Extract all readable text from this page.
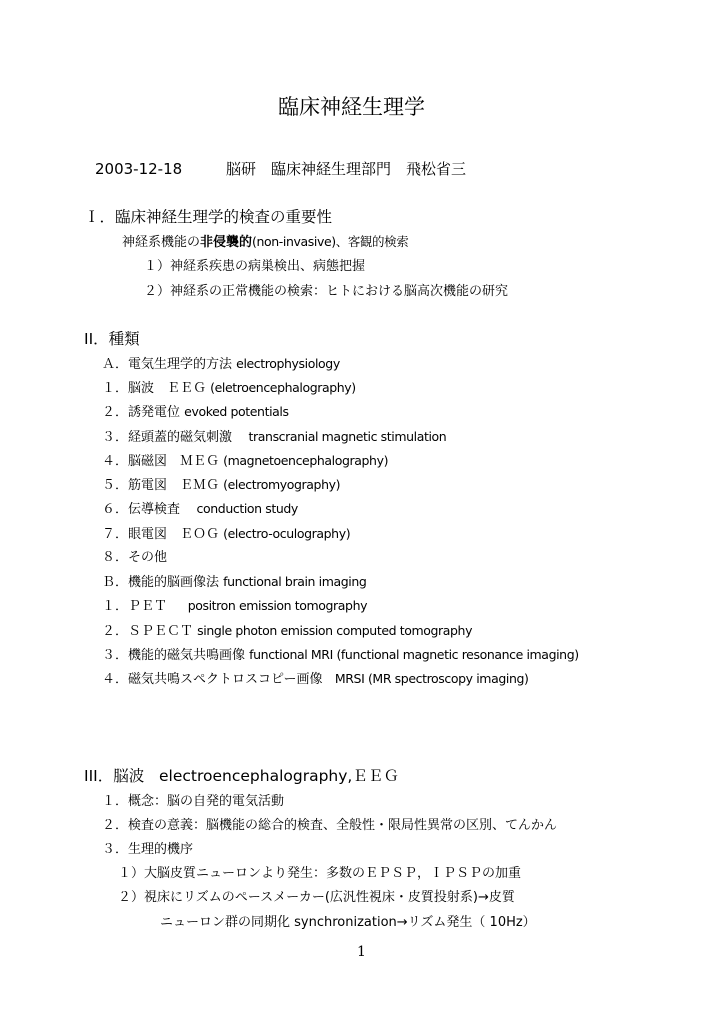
臨床神経生理学
2003-12-18	脳研　臨床神経生理部門　飛松省三
Ｉ．臨床神経生理学的検査の重要性
神経系機能の非侵襲的(non-invasive)、客観的検索
１）神経系疾患の病巣検出、病態把握
２）神経系の正常機能の検索：ヒトにおける脳高次機能の研究
II．種類
Ａ．電気生理学的方法 electrophysiology
１．脳波　ＥＥＧ (eletroencephalography)
２．誘発電位 evoked potentials
３．経頭蓋的磁気刺激 transcranial magnetic stimulation
４．脳磁図　ＭＥＧ (magnetoencephalography)
５．筋電図　ＥＭＧ (electromyography)
６．伝導検査 conduction study
７．眼電図　ＥＯＧ (electro-oculography)
８．その他
Ｂ．機能的脳画像法 functional brain imaging
１．ＰＥＴ positron emission tomography
２．ＳＰＥＣＴ single photon emission computed tomography
３．機能的磁気共鳴画像 functional MRI (functional magnetic resonance imaging)
４．磁気共鳴スペクトロスコピー画像 MRSI (MR spectroscopy imaging)
III．脳波 electroencephalography,ＥＥＧ
１．概念：脳の自発的電気活動
２．検査の意義：脳機能の総合的検査、全般性・限局性異常の区別、てんかん
３．生理的機序
１）大脳皮質ニューロンより発生：多数のＥＰＳＰ，ＩＰＳＰの加重
２）視床にリズムのペースメーカー(広汎性視床・皮質投射系)→皮質
ニューロン群の同期化 synchronization→リズム発生（ 10Hz）
1
